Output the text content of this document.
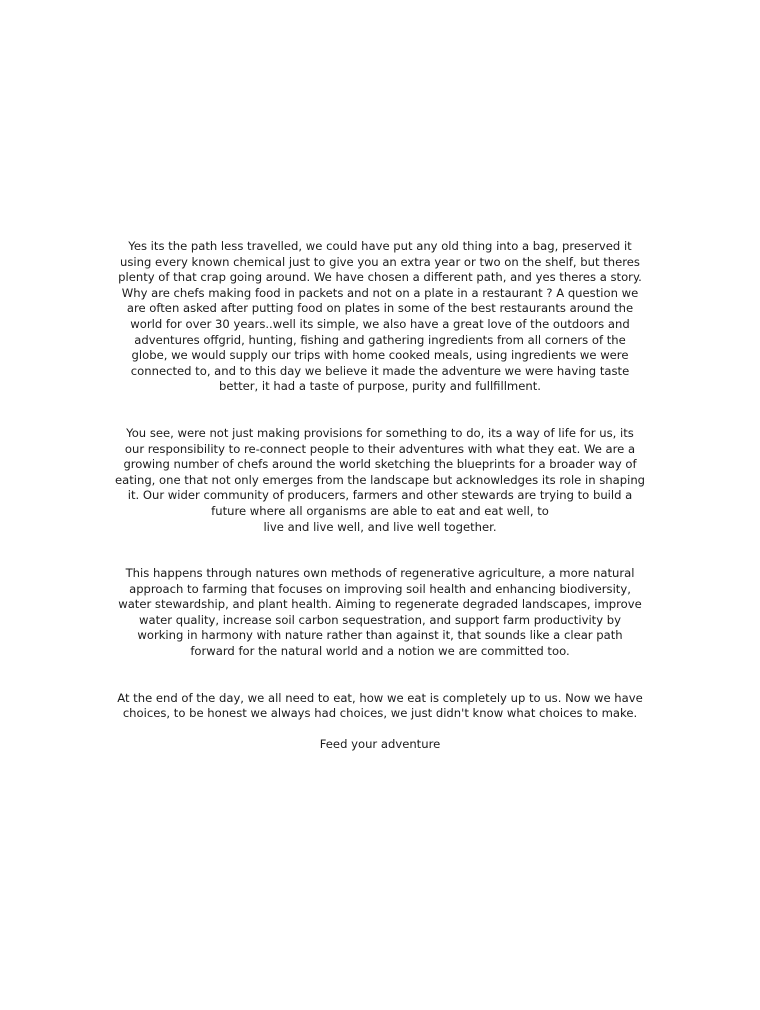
Yes its the path less travelled, we could have put any old thing into a bag, preserved it
using every known chemical just to give you an extra year or two on the shelf, but theres
plenty of that crap going around. We have chosen a different path, and yes theres a story.
Why are chefs making food in packets and not on a plate in a restaurant ? A question we
are often asked after putting food on plates in some of the best restaurants around the
world for over 30 years..well its simple, we also have a great love of the outdoors and
adventures offgrid, hunting, fishing and gathering ingredients from all corners of the
globe, we would supply our trips with home cooked meals, using ingredients we were
connected to, and to this day we believe it made the adventure we were having taste
better, it had a taste of purpose, purity and fullfillment.

You see, were not just making provisions for something to do, its a way of life for us, its
our responsibility to re-connect people to their adventures with what they eat. We are a
growing number of chefs around the world sketching the blueprints for a broader way of
eating, one that not only emerges from the landscape but acknowledges its role in shaping
it. Our wider community of producers, farmers and other stewards are trying to build a
future where all organisms are able to eat and eat well, to
live and live well, and live well together.

This happens through natures own methods of regenerative agriculture, a more natural
approach to farming that focuses on improving soil health and enhancing biodiversity,
water stewardship, and plant health. Aiming to regenerate degraded landscapes, improve
water quality, increase soil carbon sequestration, and support farm productivity by
working in harmony with nature rather than against it, that sounds like a clear path
forward for the natural world and a notion we are committed too.

At the end of the day, we all need to eat, how we eat is completely up to us. Now we have
choices, to be honest we always had choices, we just didn't know what choices to make.

Feed your adventure
